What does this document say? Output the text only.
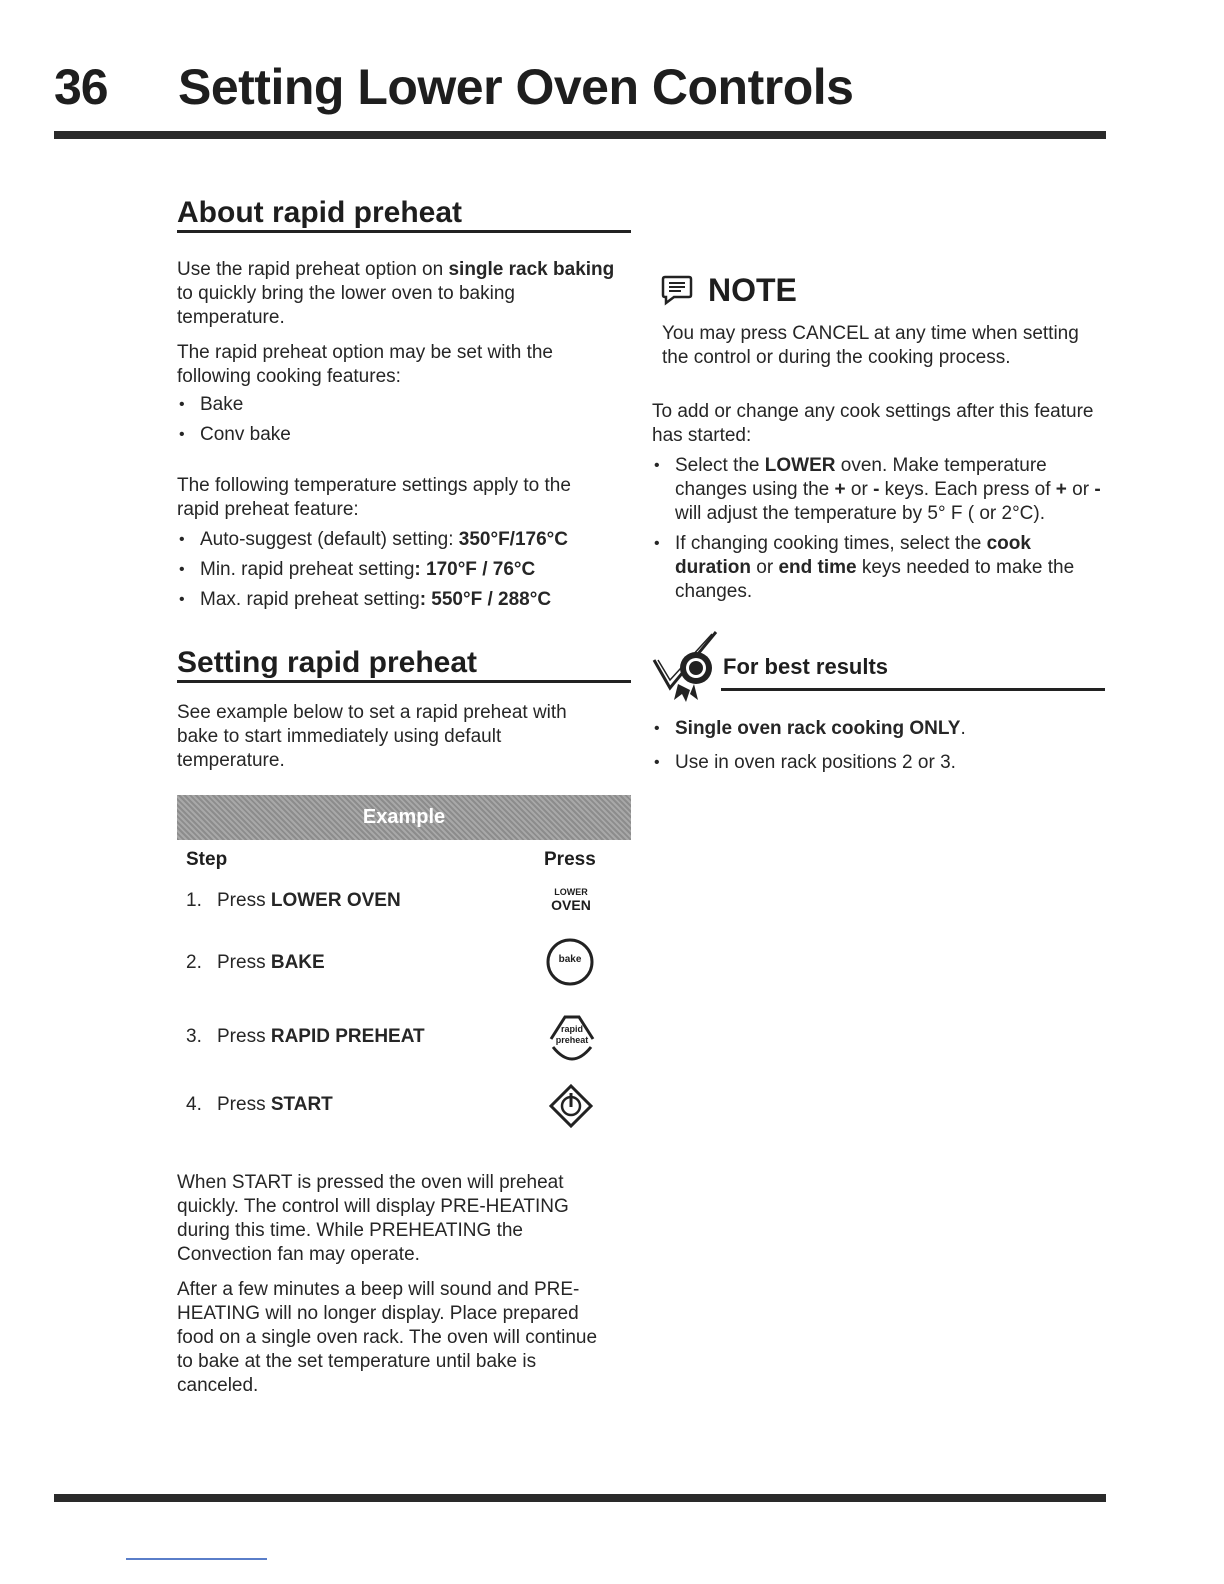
36 Setting Lower Oven Controls
About rapid preheat

Use the rapid preheat option on single rack baking to quickly bring the lower oven to baking temperature.

The rapid preheat option may be set with the following cooking features:

• Bake
• Conv bake

The following temperature settings apply to the rapid preheat feature:

• Auto-suggest (default) setting: 350°F/176°C
• Min. rapid preheat setting: 170°F / 76°C
• Max. rapid preheat setting: 550°F / 288°C
Setting rapid preheat
See example below to set a rapid preheat with bake to start immediately using default temperature.
Example
Step	Press
1. Press LOWER OVEN	LOWER
OVEN
2. Press BAKE	bake
3. Press RAPID PREHEAT	rapid
preheat
4. Press START

When START is pressed the oven will preheat quickly. The control will display PRE-HEATING during this time. While PREHEATING the Convection fan may operate.

After a few minutes a beep will sound and PRE-HEATING will no longer display. Place prepared food on a single oven rack. The oven will continue to bake at the set temperature until bake is canceled.

NOTE
You may press CANCEL at any time when setting the control or during the cooking process.

To add or change any cook settings after this feature has started:

• Select the LOWER oven. Make temperature changes using the + or - keys. Each press of + or - will adjust the temperature by 5° F ( or 2°C).
• If changing cooking times, select the cook duration or end time keys needed to make the changes.
For best results
• Single oven rack cooking ONLY.
• Use in oven rack positions 2 or 3.
